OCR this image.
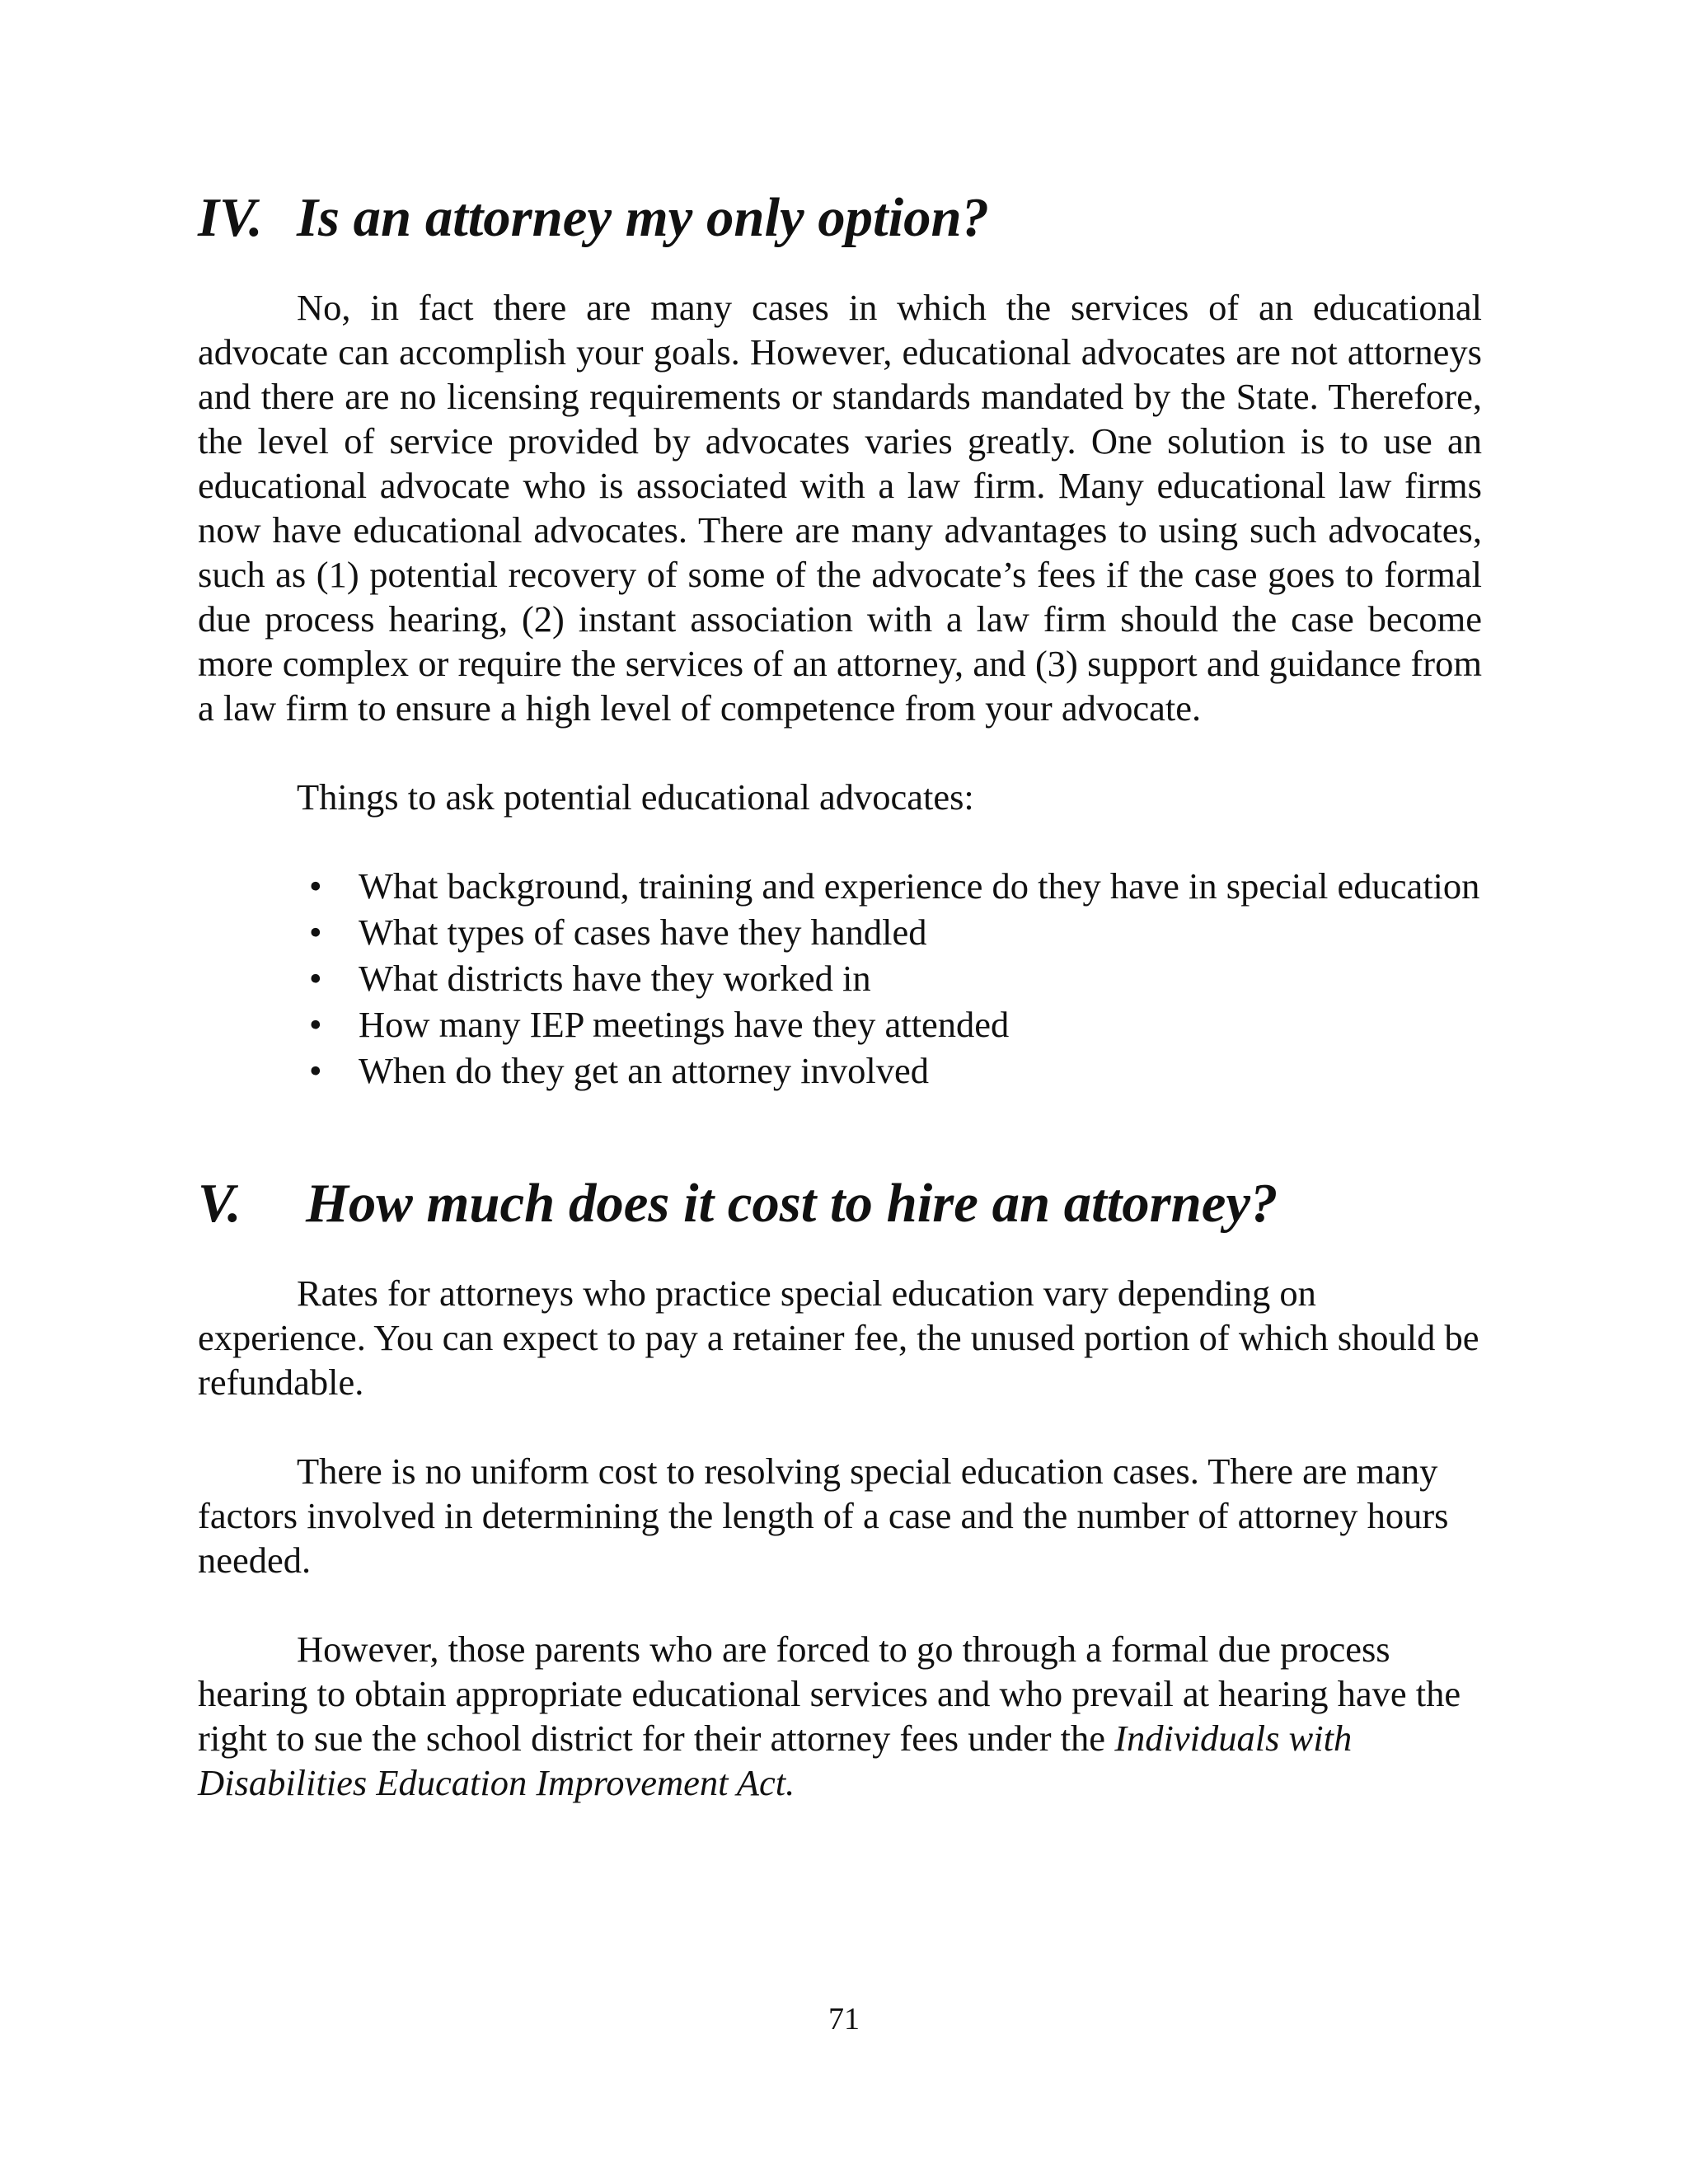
IV. Is an attorney my only option?

No, in fact there are many cases in which the services of an educational advocate can accomplish your goals. However, educational advocates are not attorneys and there are no licensing requirements or standards mandated by the State. Therefore, the level of service provided by advocates varies greatly. One solution is to use an educational advocate who is associated with a law firm. Many educational law firms now have educational advocates. There are many advantages to using such advocates, such as (1) potential recovery of some of the advocate’s fees if the case goes to formal due process hearing, (2) instant association with a law firm should the case become more complex or require the services of an attorney, and (3) support and guidance from a law firm to ensure a high level of competence from your advocate.

Things to ask potential educational advocates:

• What background, training and experience do they have in special education
• What types of cases have they handled
• What districts have they worked in
• How many IEP meetings have they attended
• When do they get an attorney involved
V. How much does it cost to hire an attorney?

Rates for attorneys who practice special education vary depending on experience. You can expect to pay a retainer fee, the unused portion of which should be refundable.

There is no uniform cost to resolving special education cases. There are many factors involved in determining the length of a case and the number of attorney hours needed.

However, those parents who are forced to go through a formal due process hearing to obtain appropriate educational services and who prevail at hearing have the right to sue the school district for their attorney fees under the Individuals with Disabilities Education Improvement Act.

71
